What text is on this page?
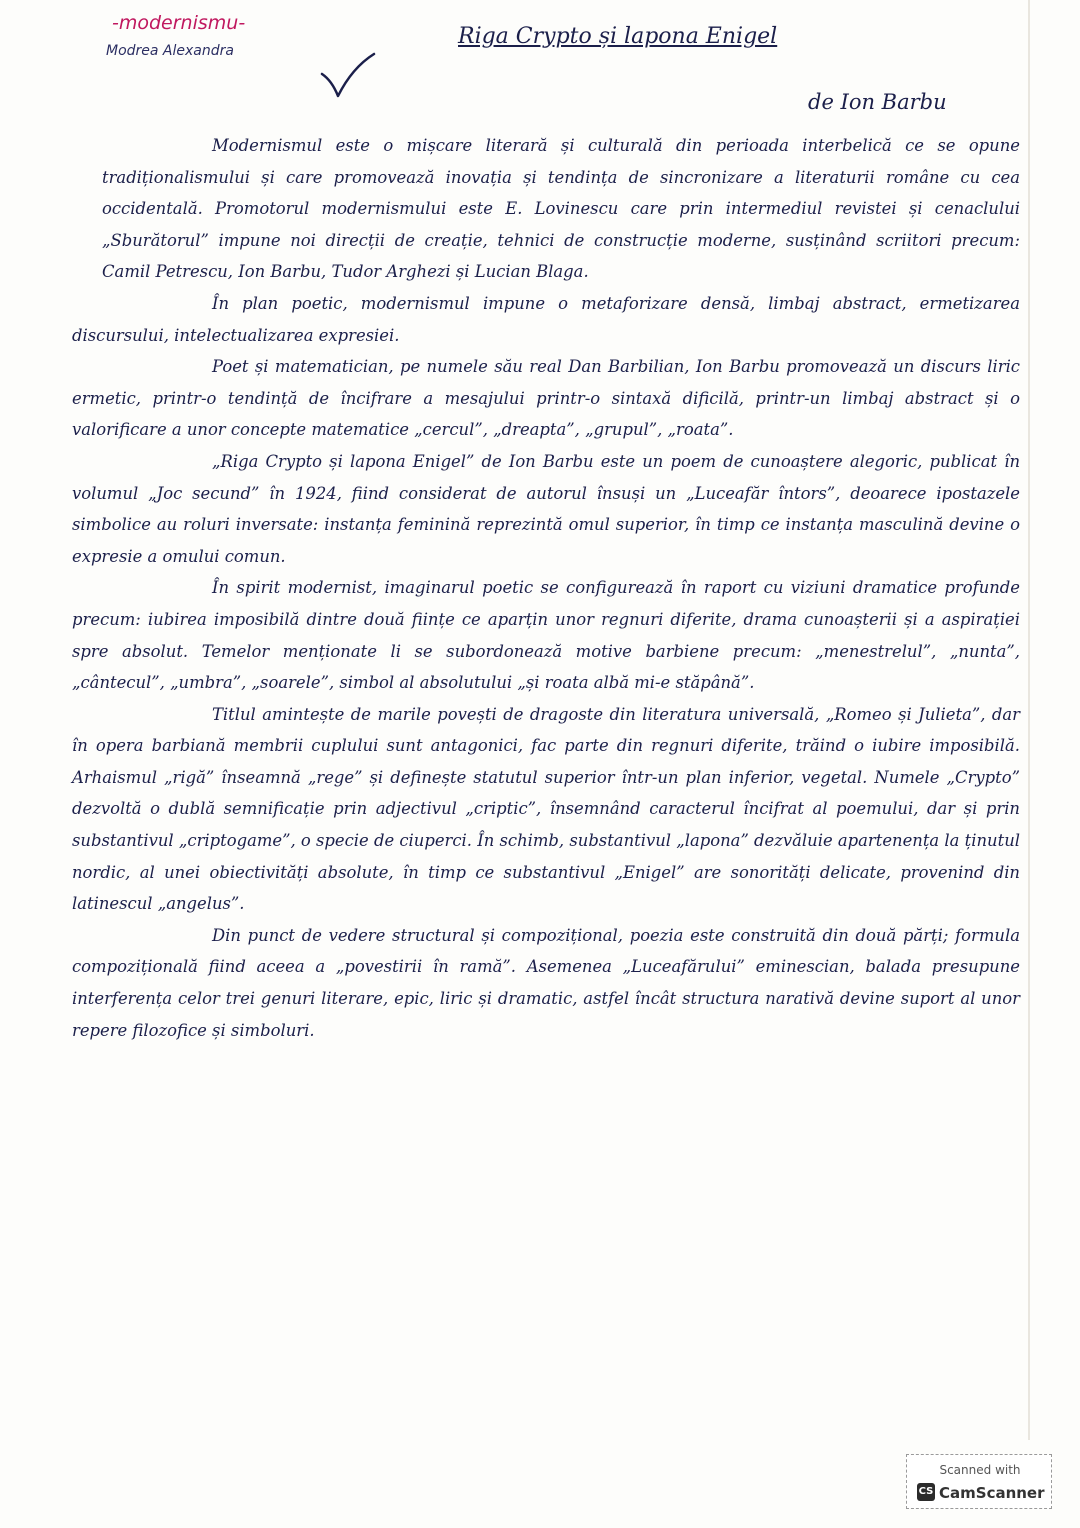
-modernismu-
Modrea Alexandra
Riga Crypto și lapona Enigel
de Ion Barbu

Modernismul este o mișcare literară și culturală din perioada interbelică ce se opune tradiționalismului și care promovează inovația și tendința de sincronizare a literaturii române cu cea occidentală. Promotorul modernismului este E. Lovinescu care prin intermediul revistei și cenaclului „Sburătorul” impune noi direcții de creație, tehnici de construcție moderne, susținând scriitori precum: Camil Petrescu, Ion Barbu, Tudor Arghezi și Lucian Blaga.

În plan poetic, modernismul impune o metaforizare densă, limbaj abstract, ermetizarea discursului, intelectualizarea expresiei.

Poet și matematician, pe numele său real Dan Barbilian, Ion Barbu promovează un discurs liric ermetic, printr-o tendință de încifrare a mesajului printr-o sintaxă dificilă, printr-un limbaj abstract și o valorificare a unor concepte matematice „cercul”, „dreapta”, „grupul”, „roata”.

„Riga Crypto și lapona Enigel” de Ion Barbu este un poem de cunoaștere alegoric, publicat în volumul „Joc secund” în 1924, fiind considerat de autorul însuși un „Luceafăr întors”, deoarece ipostazele simbolice au roluri inversate: instanța feminină reprezintă omul superior, în timp ce instanța masculină devine o expresie a omului comun.

În spirit modernist, imaginarul poetic se configurează în raport cu viziuni dramatice profunde precum: iubirea imposibilă dintre două ființe ce aparțin unor regnuri diferite, drama cunoașterii și a aspirației spre absolut. Temelor menționate li se subordonează motive barbiene precum: „menestrelul”, „nunta”, „cântecul”, „umbra”, „soarele”, simbol al absolutului „și roata albă mi-e stăpână”.

Titlul amintește de marile povești de dragoste din literatura universală, „Romeo și Julieta”, dar în opera barbiană membrii cuplului sunt antagonici, fac parte din regnuri diferite, trăind o iubire imposibilă. Arhaismul „rigă” înseamnă „rege” și definește statutul superior într-un plan inferior, vegetal. Numele „Crypto” dezvoltă o dublă semnificație prin adjectivul „criptic”, însemnând caracterul încifrat al poemului, dar și prin substantivul „criptogame”, o specie de ciuperci. În schimb, substantivul „lapona” dezvăluie apartenența la ținutul nordic, al unei obiectivități absolute, în timp ce substantivul „Enigel” are sonorități delicate, provenind din latinescul „angelus”.

Din punct de vedere structural și compozițional, poezia este construită din două părți; formula compozițională fiind aceea a „povestirii în ramă”. Asemenea „Luceafărului” eminescian, balada presupune interferența celor trei genuri literare, epic, liric și dramatic, astfel încât structura narativă devine suport al unor repere filozofice și simboluri.

Scanned with
CS CamScanner
